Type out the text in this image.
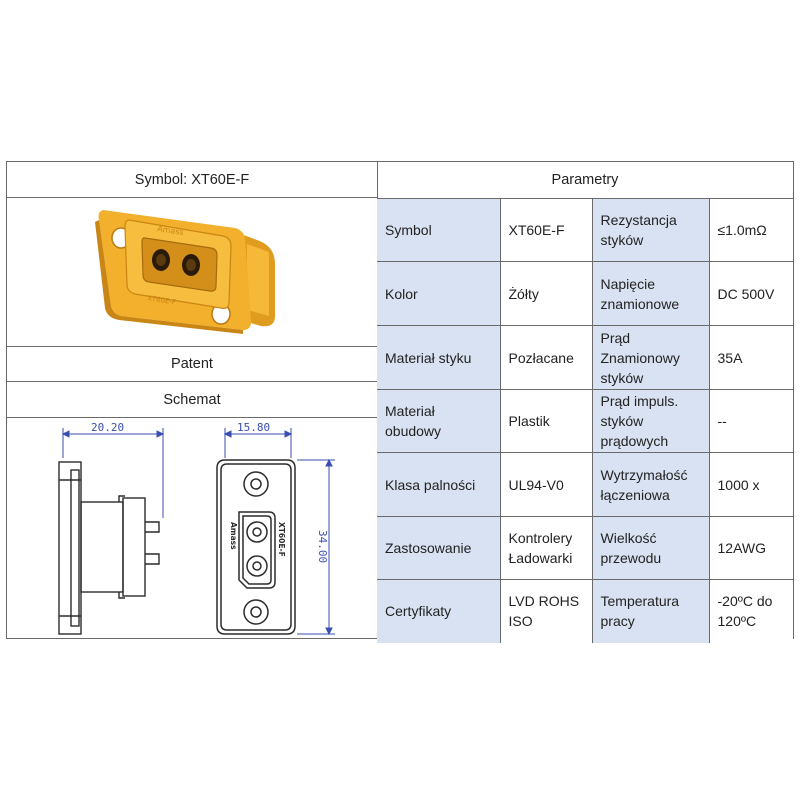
Symbol: XT60E-F
Amass
XT60E-F
Patent
Schemat
20.20
Amass	XT60E-F
15.80
34.00
Parametry
Symbol	XT60E-F	Rezystancja styków	≤1.0mΩ
Kolor	Żółty	Napięcie znamionowe	DC 500V
Materiał styku	Pozłacane	Prąd Znamionowy styków	35A
Materiał obudowy	Plastik	Prąd impuls. styków prądowych	--
Klasa palności	UL94-V0	Wytrzymałość łączeniowa	1000 x
Zastosowanie	Kontrolery Ładowarki	Wielkość przewodu	12AWG
Certyfikaty	LVD ROHS ISO	Temperatura pracy	-20ºC do 120ºC
